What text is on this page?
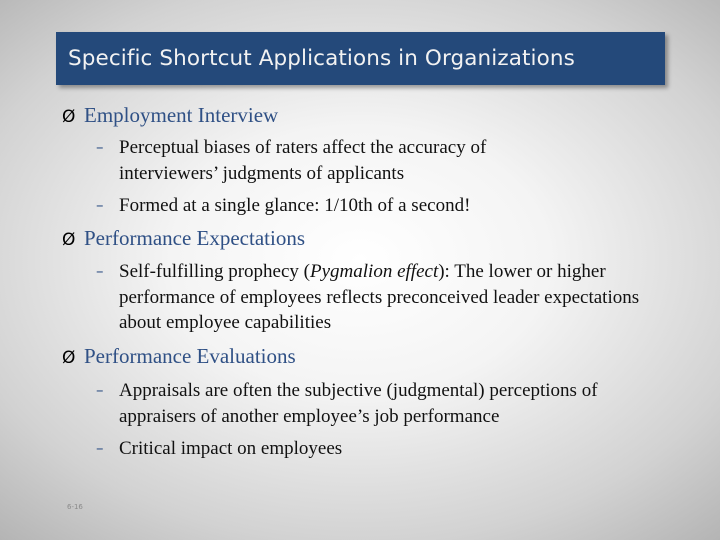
Specific Shortcut Applications in Organizations
Ø Employment Interview
– Perceptual biases of raters affect the accuracy of interviewers’ judgments of applicants
– Formed at a single glance: 1/10th of a second!
Ø Performance Expectations
– Self-fulfilling prophecy (Pygmalion effect): The lower or higher performance of employees reflects preconceived leader expectations about employee capabilities
Ø Performance Evaluations
– Appraisals are often the subjective (judgmental) perceptions of appraisers of another employee’s job performance
– Critical impact on employees
6-16
